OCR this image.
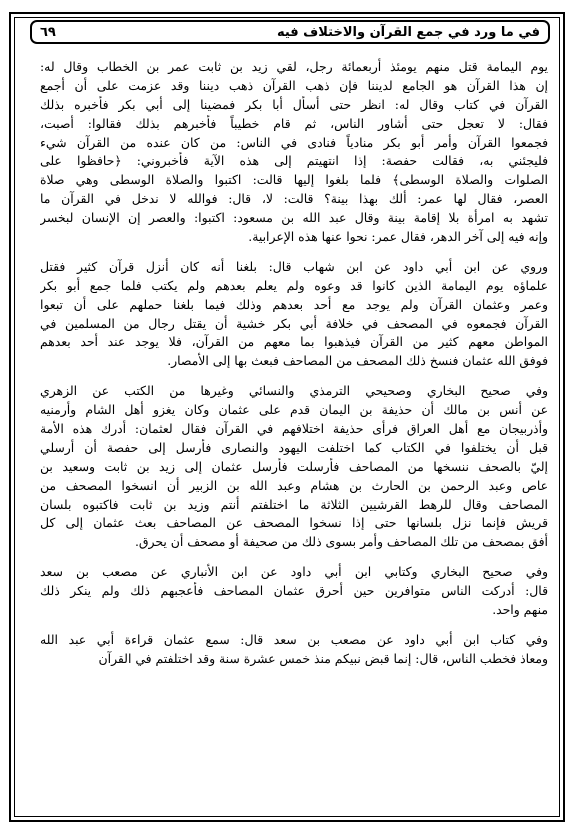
في ما ورد في جمع القرآن والاختلاف فيه
٦٩
يوم اليمامة قتل منهم يومئذ أربعمائة رجل، لقي زيد بن ثابت عمر بن الخطاب وقال له:
إن هذا القرآن هو الجامع لديننا فإن ذهب القرآن ذهب ديننا وقد عزمت على أن أجمع
القرآن في كتاب وقال له: انظر حتى أسأل أبا بكر فمضينا إلى أبي بكر فأخبره بذلك
فقال: لا تعجل حتى أشاور الناس، ثم قام خطيباً فأخبرهم بذلك فقالوا: أصبت،
فجمعوا القرآن وأمر أبو بكر منادياً فنادى في الناس: من كان عنده من القرآن شيء
فليجئني به، فقالت حفصة: إذا انتهيتم إلى هذه الآية فأخبروني: ﴿حافظوا على
الصلوات والصلاة الوسطى﴾ فلما بلغوا إليها قالت: اكتبوا والصلاة الوسطى وهي صلاة
العصر، فقال لها عمر: ألك بهذا بينة؟ قالت: لا، قال: فوالله لا ندخل في القرآن ما
تشهد به امرأة بلا إقامة بينة وقال عبد الله بن مسعود: اكتبوا: والعصر إن الإنسان لبخسر
وإنه فيه إلى آخر الدهر، فقال عمر: نحوا عنها هذه الإعرابية.
وروي عن ابن أبي داود عن ابن شهاب قال: بلغنا أنه كان أنزل قرآن كثير فقتل
علماؤه يوم اليمامة الذين كانوا قد وعوه ولم يعلم بعدهم ولم يكتب فلما جمع أبو بكر
وعمر وعثمان القرآن ولم يوجد مع أحد بعدهم وذلك فيما بلغنا حملهم على أن تبعوا
القرآن فجمعوه في المصحف في خلافة أبي بكر خشية أن يقتل رجال من المسلمين في
المواطن معهم كثير من القرآن فيذهبوا بما معهم من القرآن، فلا يوجد عند أحد بعدهم
فوفق الله عثمان فنسخ ذلك المصحف من المصاحف فبعث بها إلى الأمصار.
وفي صحيح البخاري وصحيحي الترمذي والنسائي وغيرها من الكتب عن الزهري
عن أنس بن مالك أن حذيفة بن اليمان قدم على عثمان وكان يغزو أهل الشام وأرمنيه
وأذربيجان مع أهل العراق فرأى حذيفة اختلافهم في القرآن فقال لعثمان: أدرك هذه الأمة
قبل أن يختلفوا في الكتاب كما اختلفت اليهود والنصارى فأرسل إلى حفصة أن أرسلي
إليّ بالصحف ننسخها من المصاحف فأرسلت فأرسل عثمان إلى زيد بن ثابت وسعيد بن
عاص وعبد الرحمن بن الحارث بن هشام وعبد الله بن الزبير أن انسخوا المصحف من
المصاحف وقال للرهط القرشيين الثلاثة ما اختلفتم أنتم وزيد بن ثابت فاكتبوه بلسان
قريش فإنما نزل بلسانها حتى إذا نسخوا المصحف عن المصاحف بعث عثمان إلى كل
أفق بمصحف من تلك المصاحف وأمر بسوى ذلك من صحيفة أو مصحف أن يحرق.
وفي صحيح البخاري وكتابي ابن أبي داود عن ابن الأنباري عن مصعب بن سعد
قال: أدركت الناس متوافرين حين أحرق عثمان المصاحف فأعجبهم ذلك ولم ينكر ذلك
منهم واحد.
وفي كتاب ابن أبي داود عن مصعب بن سعد قال: سمع عثمان قراءة أبي عبد الله
ومعاذ فخطب الناس، قال: إنما قبض نبيكم منذ خمس عشرة سنة وقد اختلفتم في القرآن
